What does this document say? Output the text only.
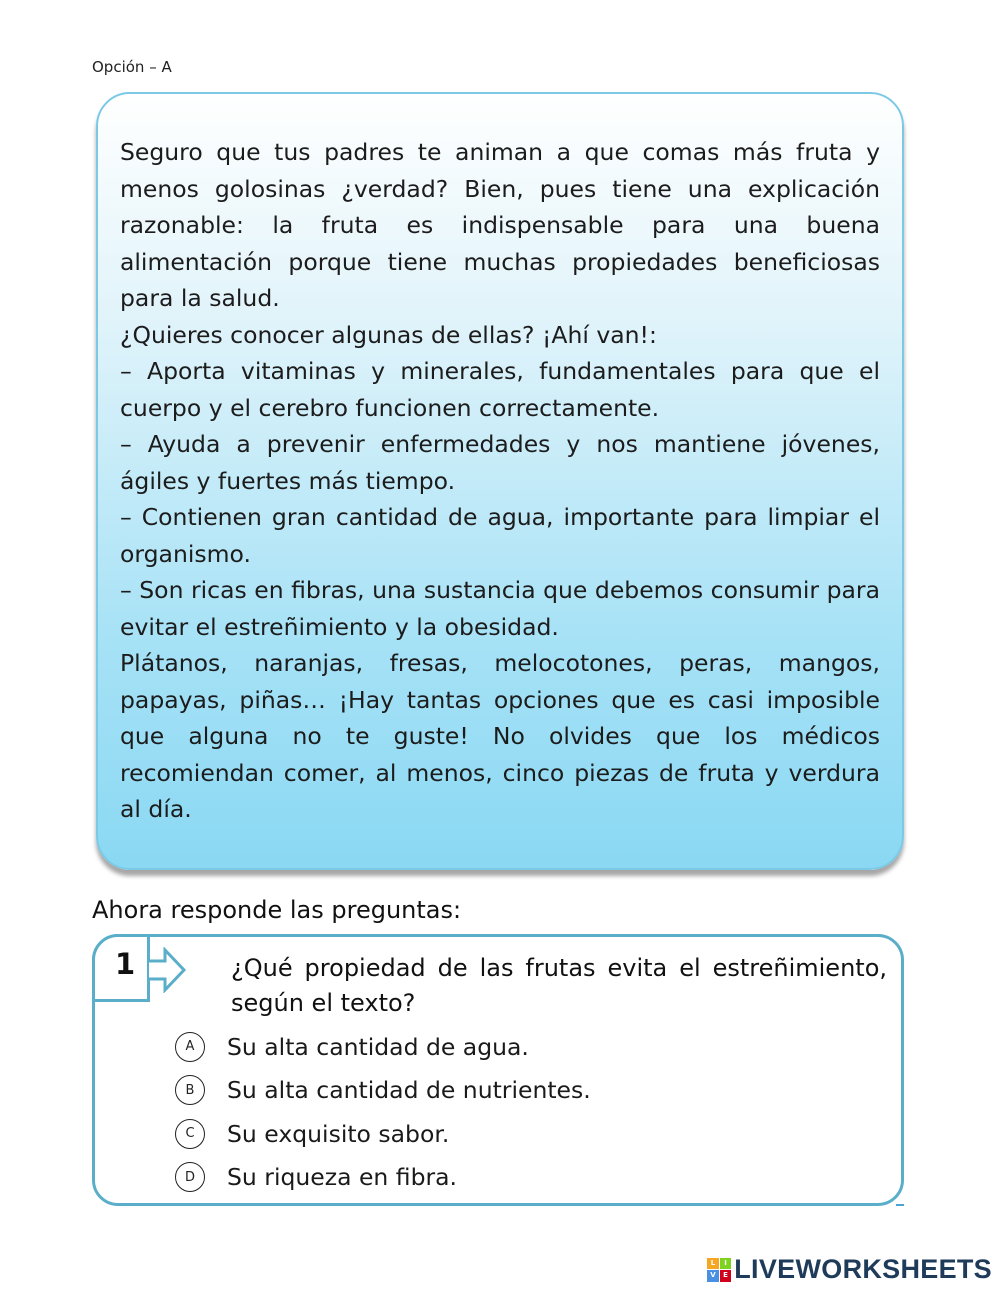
Opción – A

Seguro que tus padres te animan a que comas más fruta y menos golosinas ¿verdad? Bien, pues tiene una explicación razonable: la fruta es indispensable para una buena alimentación porque tiene muchas propiedades beneficiosas para la salud.

¿Quieres conocer algunas de ellas? ¡Ahí van!:

– Aporta vitaminas y minerales, fundamentales para que el cuerpo y el cerebro funcionen correctamente.

– Ayuda a prevenir enfermedades y nos mantiene jóvenes, ágiles y fuertes más tiempo.

– Contienen gran cantidad de agua, importante para limpiar el organismo.

– Son ricas en fibras, una sustancia que debemos consumir para evitar el estreñimiento y la obesidad.

Plátanos, naranjas, fresas, melocotones, peras, mangos, papayas, piñas… ¡Hay tantas opciones que es casi imposible que alguna no te guste! No olvides que los médicos recomiendan comer, al menos, cinco piezas de fruta y verdura al día.

Ahora responde las preguntas:
1	¿Qué propiedad de las frutas evita el estreñimiento, según el texto?
A	Su alta cantidad de agua.
B	Su alta cantidad de nutrientes.
C	Su exquisito sabor.
D	Su riqueza en fibra.
L	I
V	E LIVEWORKSHEETS
